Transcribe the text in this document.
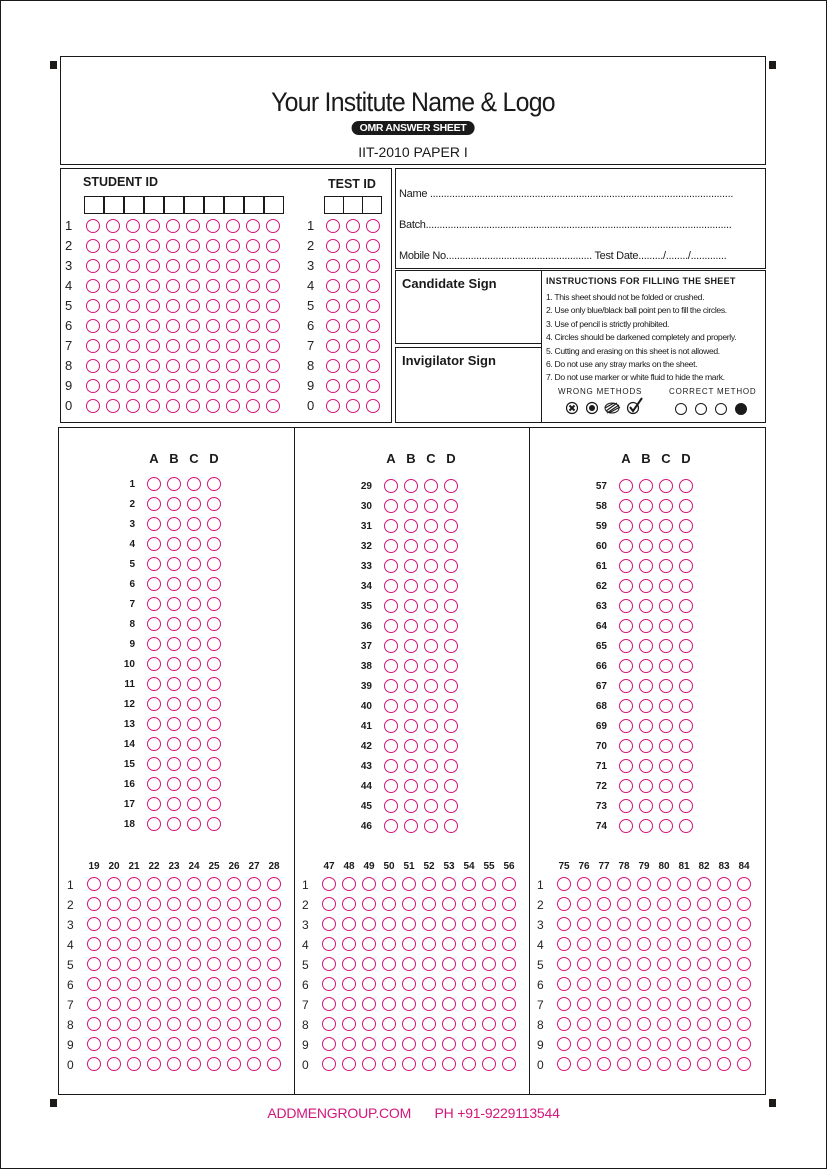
Your Institute Name & Logo
OMR ANSWER SHEET
IIT-2010 PAPER I
STUDENT ID	TEST ID
1
2
3
4
5
6
7
8
9
0
1
2
3
4
5
6
7
8
9
0
Name ..............................................................................................................
Batch...............................................................................................................
Mobile No..................................................... Test Date........./......../.............
Candidate Sign
Invigilator Sign
INSTRUCTIONS FOR FILLING THE SHEET
1. This sheet should not be folded or crushed.
2. Use only blue/black ball point pen to fill the circles.
3. Use of pencil is strictly prohibited.
4. Circles should be darkened completely and properly.
5. Cutting and erasing on this sheet is not allowed.
6. Do not use any stray marks on the sheet.
7. Do not use marker or white fluid to hide the mark.
WRONG METHODS	CORRECT METHOD
A B C D
1
2
3
4
5
6
7
8
9
10
11
12
13
14
15
16
17
18
A B C D
29
30
31
32
33
34
35
36
37
38
39
40
41
42
43
44
45
46
A B C D
57
58
59
60
61
62
63
64
65
66
67
68
69
70
71
72
73
74
19 20 21 22 23 24 25 26 27 28
1
2
3
4
5
6
7
8
9
0
47 48 49 50 51 52 53 54 55 56
1
2
3
4
5
6
7
8
9
0
75 76 77 78 79 80 81 82 83 84
1
2
3
4
5
6
7
8
9
0
ADDMENGROUP.COM PH +91-9229113544
